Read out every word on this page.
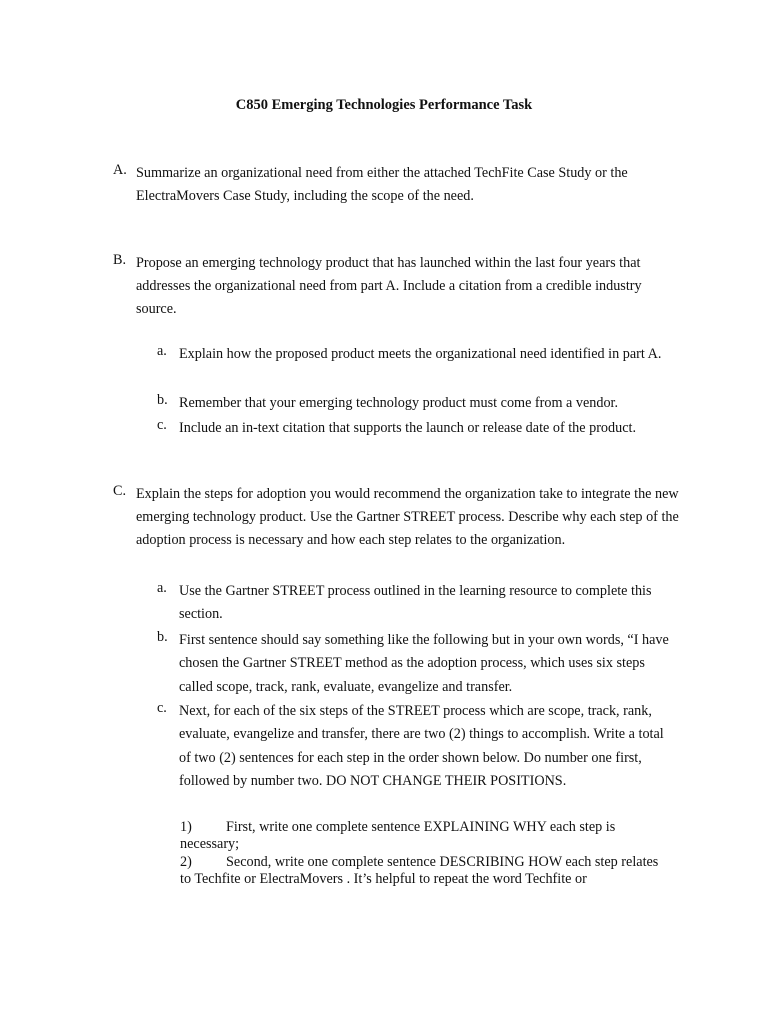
C850 Emerging Technologies Performance Task
A. Summarize an organizational need from either the attached TechFite Case Study or the ElectraMovers Case Study, including the scope of the need.
B. Propose an emerging technology product that has launched within the last four years that addresses the organizational need from part A. Include a citation from a credible industry source.
a. Explain how the proposed product meets the organizational need identified in part A.
b. Remember that your emerging technology product must come from a vendor.
c. Include an in-text citation that supports the launch or release date of the product.
C. Explain the steps for adoption you would recommend the organization take to integrate the new emerging technology product. Use the Gartner STREET process. Describe why each step of the adoption process is necessary and how each step relates to the organization.
a. Use the Gartner STREET process outlined in the learning resource to complete this section.
b. First sentence should say something like the following but in your own words, “I have chosen the Gartner STREET method as the adoption process, which uses six steps called scope, track, rank, evaluate, evangelize and transfer.
c. Next, for each of the six steps of the STREET process which are scope, track, rank, evaluate, evangelize and transfer, there are two (2) things to accomplish. Write a total of two (2) sentences for each step in the order shown below. Do number one first, followed by number two. DO NOT CHANGE THEIR POSITIONS.
1) First, write one complete sentence EXPLAINING WHY each step is necessary;
2) Second, write one complete sentence DESCRIBING HOW each step relates to Techfite or ElectraMovers . It’s helpful to repeat the word Techfite or
